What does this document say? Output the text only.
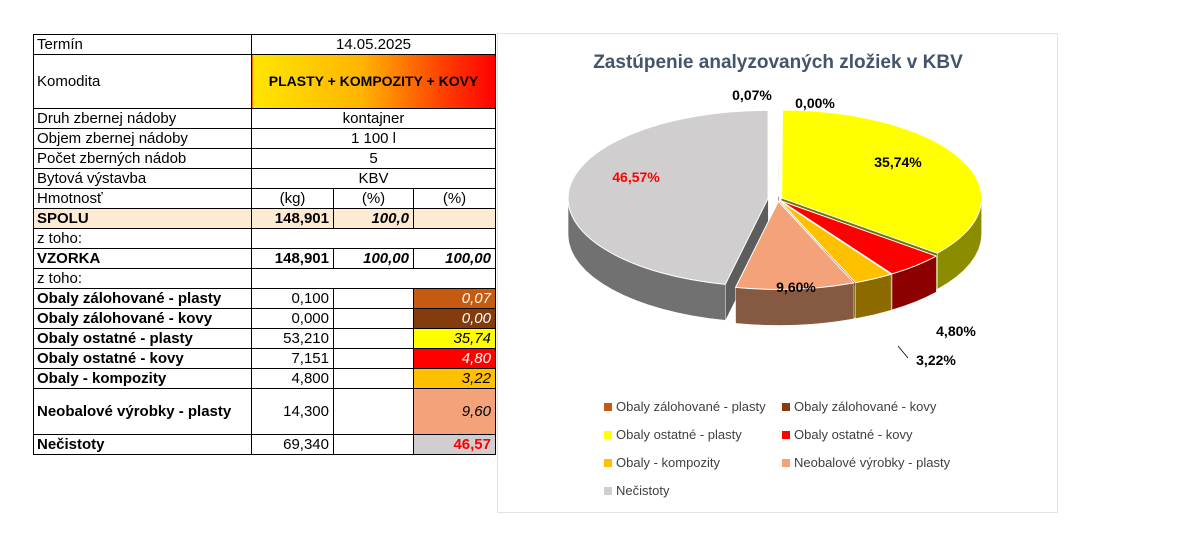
Termín	14.05.2025		
Komodita	PLASTY + KOMPOZITY + KOVY		
Druh zbernej nádoby	kontajner		
Objem zbernej nádoby	1 100 l		
Počet zberných nádob	5		
Bytová výstavba	KBV		
Hmotnosť	(kg)	(%)	(%)
SPOLU	148,901	100,0	
z toho:			
VZORKA	148,901	100,00	100,00
z toho:			
Obaly zálohované - plasty	0,100		0,07
Obaly zálohované - kovy	0,000		0,00
Obaly ostatné - plasty	53,210		35,74
Obaly ostatné - kovy	7,151		4,80
Obaly - kompozity	4,800		3,22
Neobalové výrobky - plasty	14,300		9,60
Nečistoty	69,340		46,57
Zastúpenie analyzovaných zložiek v KBV
0,07% 0,00%
35,74%
4,80%
3,22%
9,60%
46,57%
Obaly zálohované - plasty Obaly zálohované - kovy
Obaly ostatné - plasty	Obaly ostatné - kovy
Obaly - kompozity	Neobalové výrobky - plasty
Nečistoty
